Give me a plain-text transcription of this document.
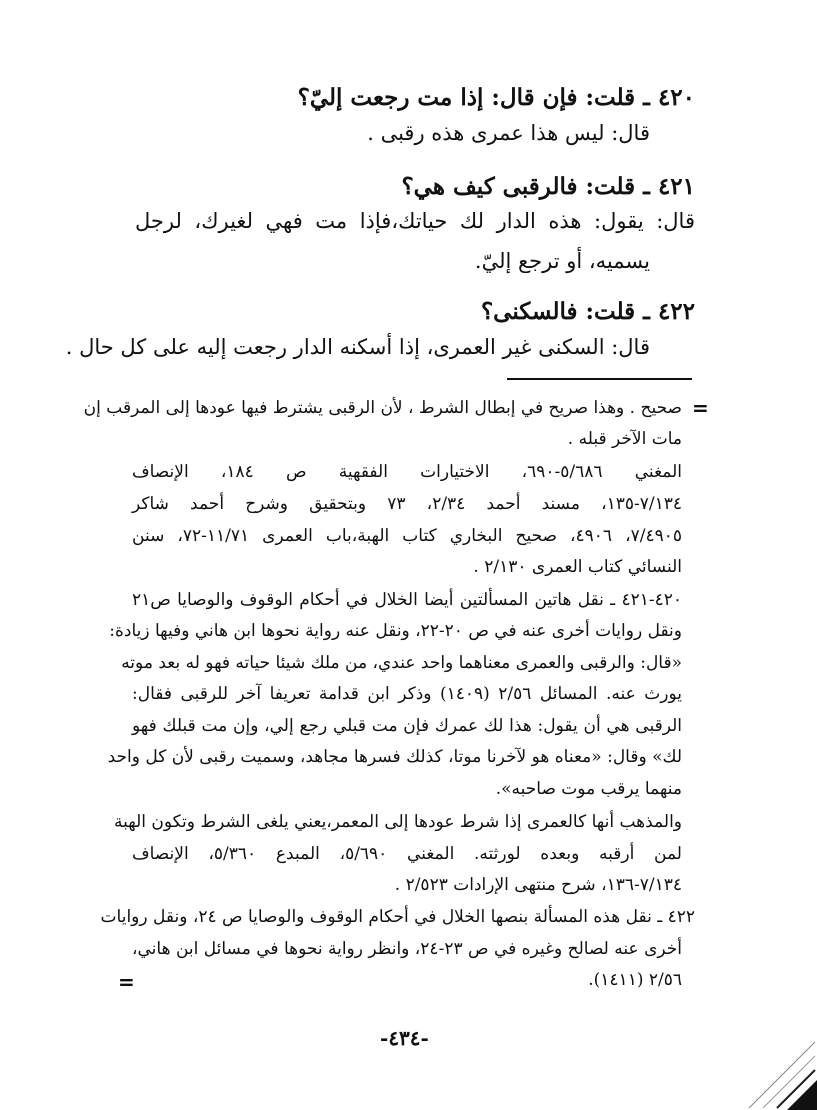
٤٢٠ ـ قلت: فإن قال: إذا مت رجعت إليّ؟
قال: ليس هذا عمرى هذه رقبى .
٤٢١ ـ قلت: فالرقبى كيف هي؟
قال: يقول: هذه الدار لك حياتك،فإذا مت فهي لغيرك، لرجل
يسميه، أو ترجع إليّ.
٤٢٢ ـ قلت: فالسكنى؟
قال: السكنى غير العمرى، إذا أسكنه الدار رجعت إليه على كل حال .
=
صحيح . وهذا صريح في إبطال الشرط ، لأن الرقبى يشترط فيها عودها إلى المرقب إن
مات الآخر قبله .
المغني ٥/٦٨٦-٦٩٠، الاختيارات الفقهية ص ١٨٤، الإنصاف
٧/١٣٤-١٣٥، مسند أحمد ٢/٣٤، ٧٣ وبتحقيق وشرح أحمد شاكر
٧/٤٩٠٥، ٤٩٠٦، صحيح البخاري كتاب الهبة،باب العمرى ١١/٧١-٧٢، سنن
النسائي كتاب العمرى ٢/١٣٠ .
٤٢٠-٤٢١ ـ نقل هاتين المسألتين أيضا الخلال في أحكام الوقوف والوصايا ص٢١
ونقل روايات أخرى عنه في ص ٢٠-٢٢، ونقل عنه رواية نحوها ابن هاني وفيها زيادة:
«قال: والرقبى والعمرى معناهما واحد عندي، من ملك شيئا حياته فهو له بعد موته
يورث عنه. المسائل ٢/٥٦ (١٤٠٩) وذكر ابن قدامة تعريفا آخر للرقبى فقال:
الرقبى هي أن يقول: هذا لك عمرك فإن مت قبلي رجع إلي، وإن مت قبلك فهو
لك» وقال: «معناه هو لآخرنا موتا، كذلك فسرها مجاهد، وسميت رقبى لأن كل واحد
منهما يرقب موت صاحبه».
والمذهب أنها كالعمرى إذا شرط عودها إلى المعمر،يعني يلغى الشرط وتكون الهبة
لمن أرقبه وبعده لورثته. المغني ٥/٦٩٠، المبدع ٥/٣٦٠، الإنصاف
٧/١٣٤-١٣٦، شرح منتهى الإرادات ٢/٥٢٣ .
٤٢٢ ـ نقل هذه المسألة بنصها الخلال في أحكام الوقوف والوصايا ص ٢٤، ونقل روايات
أخرى عنه لصالح وغيره في ص ٢٣-٢٤، وانظر رواية نحوها في مسائل ابن هاني،
٢/٥٦ (١٤١١).
=
-٤٣٤-
